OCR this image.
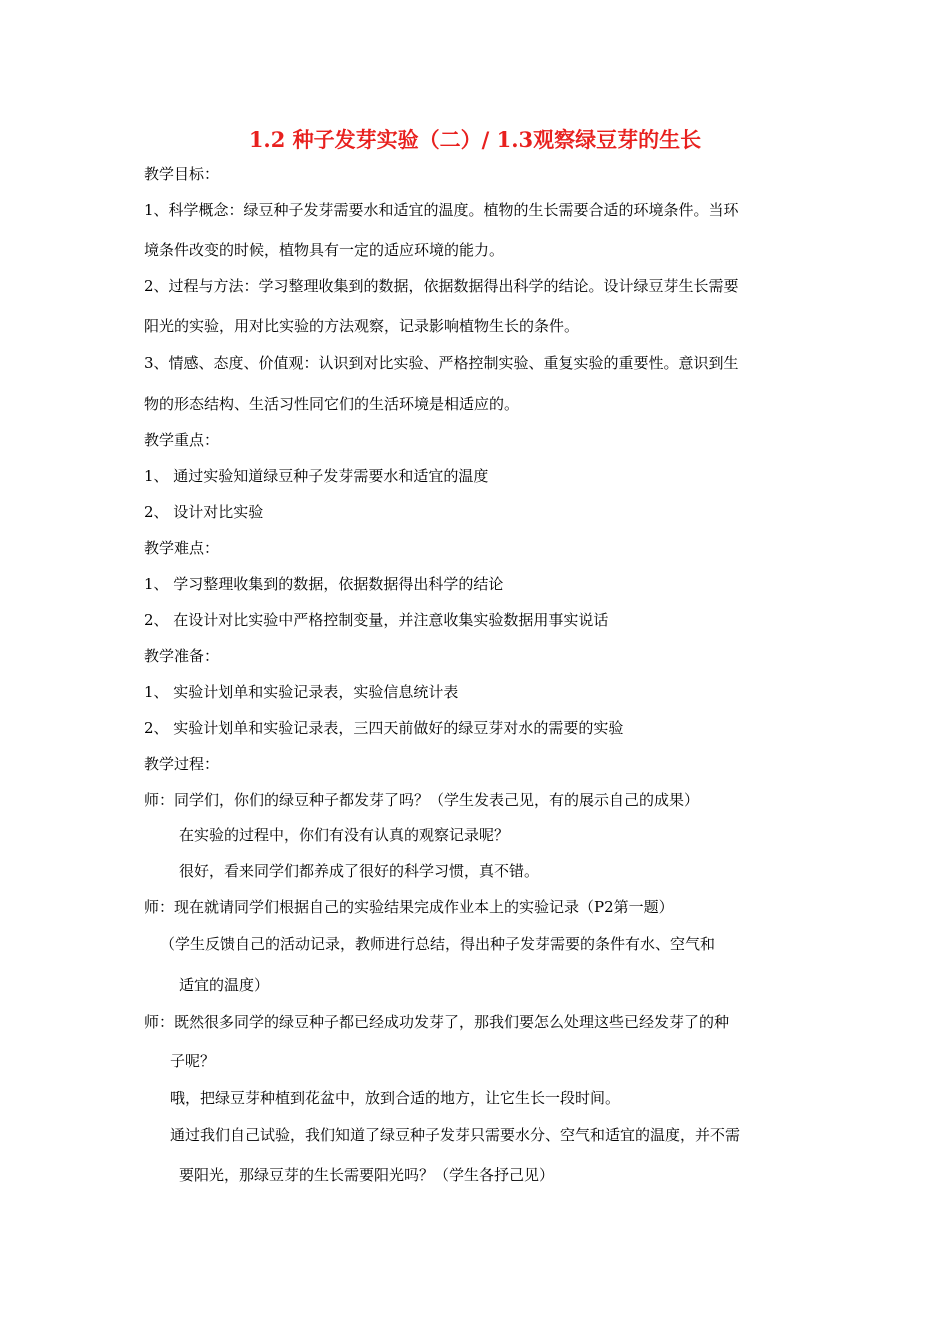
1.2 种子发芽实验（二）/ 1.3观察绿豆芽的生长
教学目标：
1、科学概念：绿豆种子发芽需要水和适宜的温度。植物的生长需要合适的环境条件。当环
境条件改变的时候，植物具有一定的适应环境的能力。
2、过程与方法：学习整理收集到的数据，依据数据得出科学的结论。设计绿豆芽生长需要
阳光的实验，用对比实验的方法观察，记录影响植物生长的条件。
3、情感、态度、价值观：认识到对比实验、严格控制实验、重复实验的重要性。意识到生
物的形态结构、生活习性同它们的生活环境是相适应的。
教学重点：
1、 通过实验知道绿豆种子发芽需要水和适宜的温度
2、 设计对比实验
教学难点：
1、 学习整理收集到的数据，依据数据得出科学的结论
2、 在设计对比实验中严格控制变量，并注意收集实验数据用事实说话
教学准备：
1、 实验计划单和实验记录表，实验信息统计表
2、 实验计划单和实验记录表，三四天前做好的绿豆芽对水的需要的实验
教学过程：
师：同学们，你们的绿豆种子都发芽了吗？（学生发表己见，有的展示自己的成果）
在实验的过程中，你们有没有认真的观察记录呢？
很好，看来同学们都养成了很好的科学习惯，真不错。
师：现在就请同学们根据自己的实验结果完成作业本上的实验记录（P2第一题）
（学生反馈自己的活动记录，教师进行总结，得出种子发芽需要的条件有水、空气和
适宜的温度）
师：既然很多同学的绿豆种子都已经成功发芽了，那我们要怎么处理这些已经发芽了的种
子呢？
哦，把绿豆芽种植到花盆中，放到合适的地方，让它生长一段时间。
通过我们自己试验，我们知道了绿豆种子发芽只需要水分、空气和适宜的温度，并不需
要阳光，那绿豆芽的生长需要阳光吗？（学生各抒己见）
